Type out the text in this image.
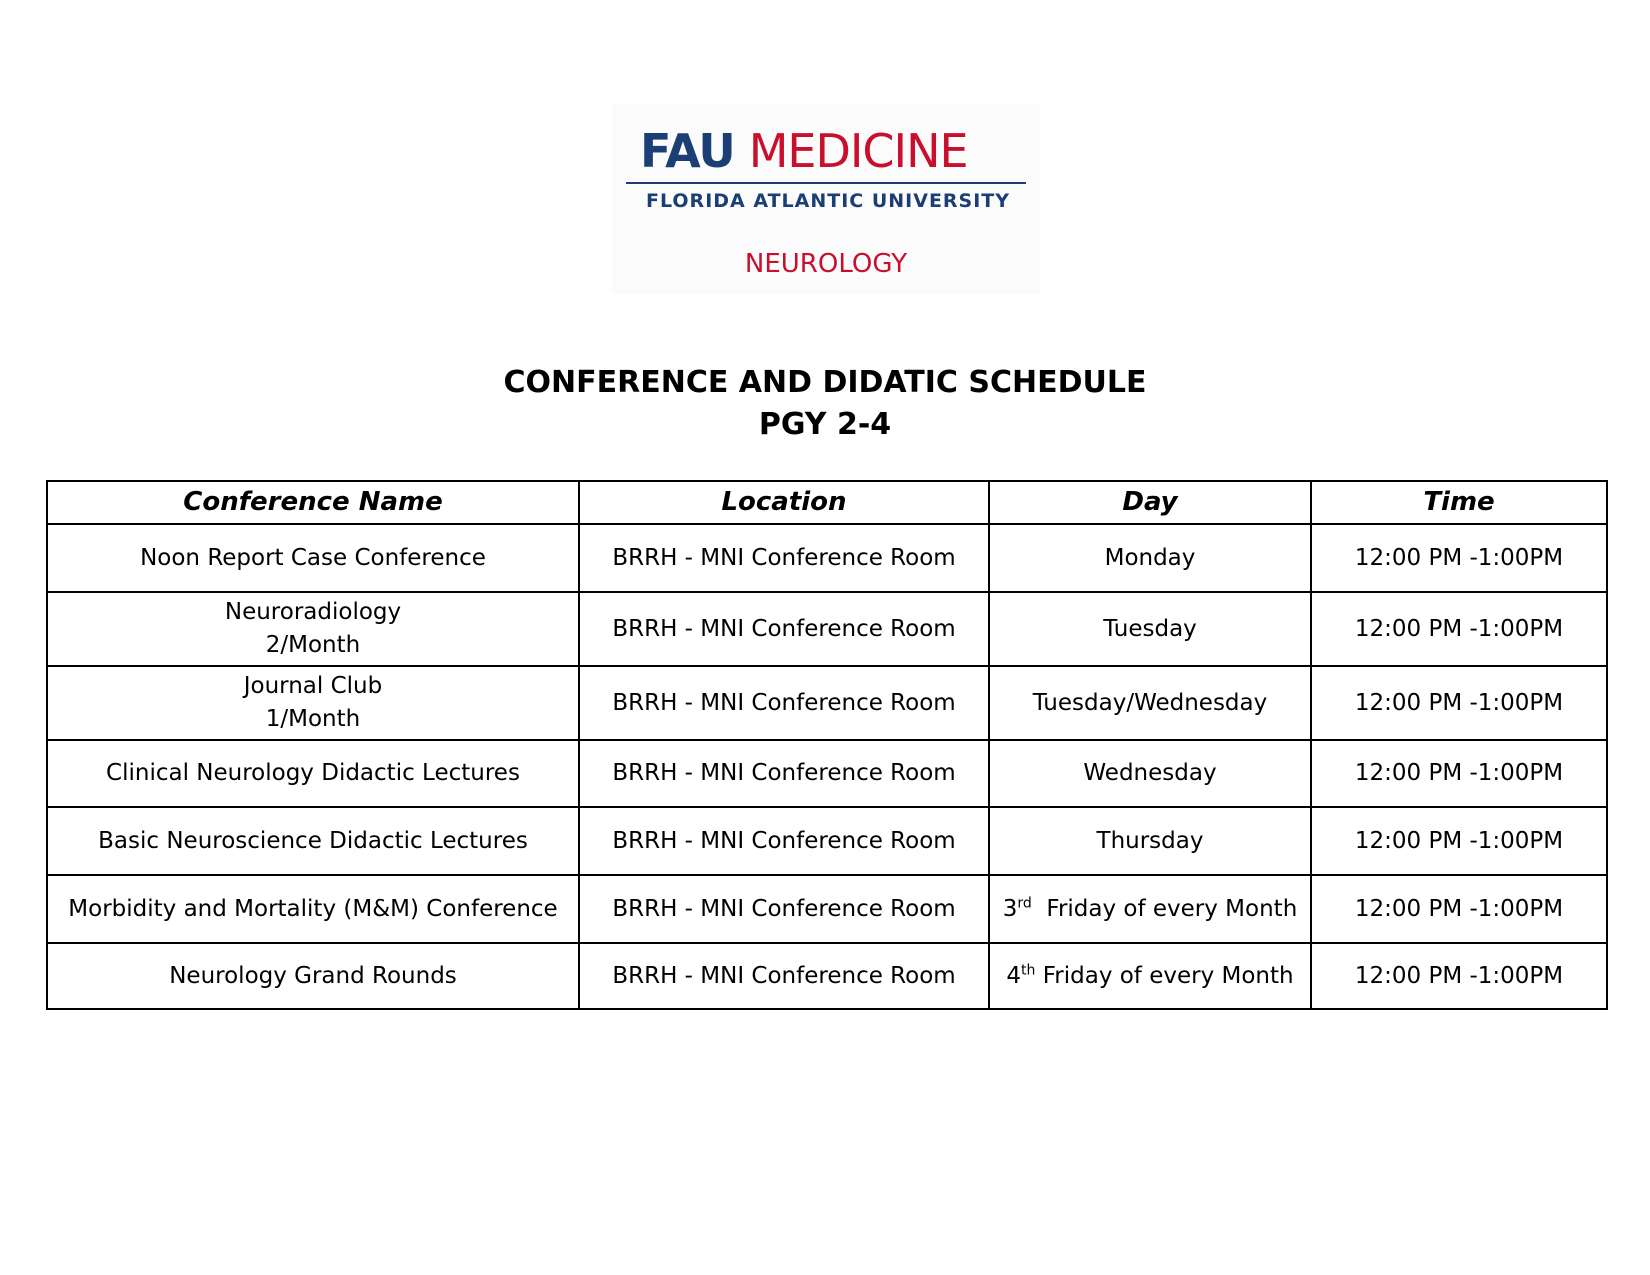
FAU MEDICINE
FLORIDA ATLANTIC UNIVERSITY
NEUROLOGY
CONFERENCE AND DIDATIC SCHEDULE
PGY 2-4
Conference Name	Location	Day	Time
Noon Report Case Conference	BRRH - MNI Conference Room	Monday	12:00 PM -1:00PM

Neuroradiology
2/Month	BRRH - MNI Conference Room	Tuesday	12:00 PM -1:00PM

Journal Club
1/Month	BRRH - MNI Conference Room	Tuesday/Wednesday	12:00 PM -1:00PM
Clinical Neurology Didactic Lectures	BRRH - MNI Conference Room	Wednesday	12:00 PM -1:00PM
Basic Neuroscience Didactic Lectures	BRRH - MNI Conference Room	Thursday	12:00 PM -1:00PM
Morbidity and Mortality (M&M) Conference	BRRH - MNI Conference Room	3rd Friday of every Month	12:00 PM -1:00PM
Neurology Grand Rounds	BRRH - MNI Conference Room	4th Friday of every Month	12:00 PM -1:00PM
